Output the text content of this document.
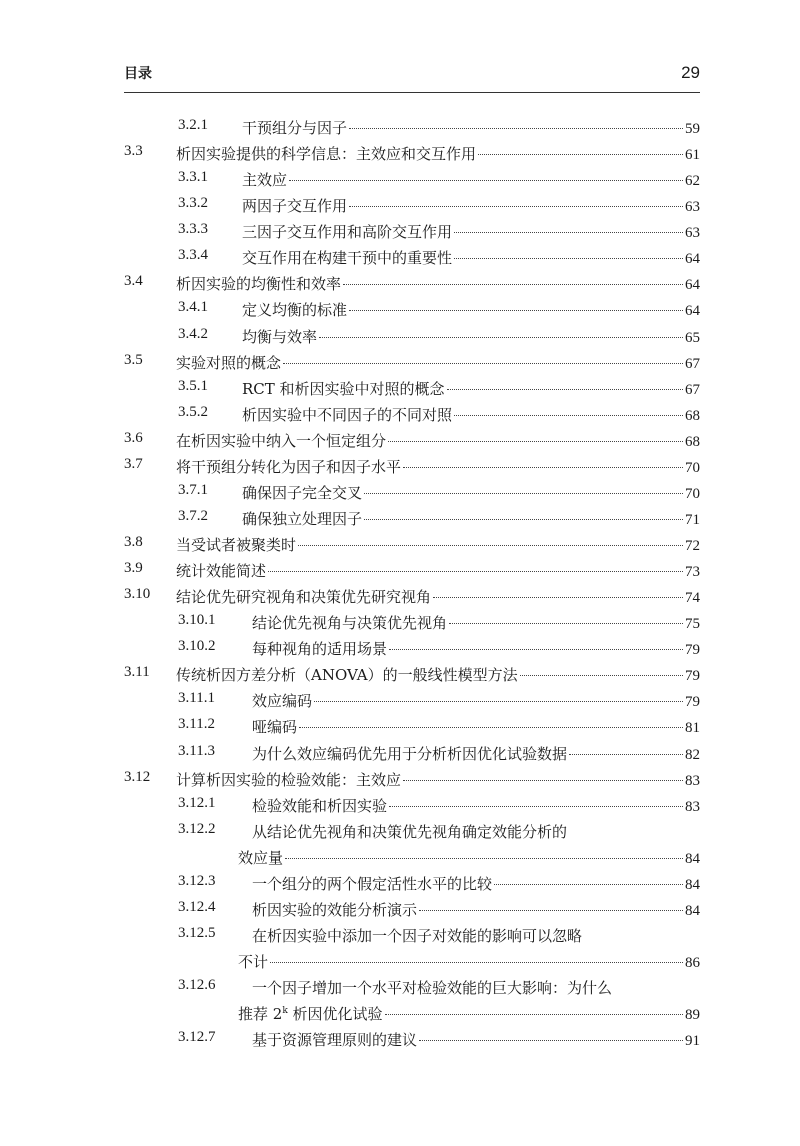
目录	29
3.2.1 干预组分与因子	59
3.3 析因实验提供的科学信息：主效应和交互作用	61
3.3.1 主效应	62
3.3.2 两因子交互作用	63
3.3.3 三因子交互作用和高阶交互作用	63
3.3.4 交互作用在构建干预中的重要性	64
3.4 析因实验的均衡性和效率	64
3.4.1 定义均衡的标准	64
3.4.2 均衡与效率	65
3.5 实验对照的概念	67
3.5.1 RCT 和析因实验中对照的概念	67
3.5.2 析因实验中不同因子的不同对照	68
3.6 在析因实验中纳入一个恒定组分	68
3.7 将干预组分转化为因子和因子水平	70
3.7.1 确保因子完全交叉	70
3.7.2 确保独立处理因子	71
3.8 当受试者被聚类时	72
3.9 统计效能简述	73
3.10 结论优先研究视角和决策优先研究视角	74
3.10.1 结论优先视角与决策优先视角	75
3.10.2 每种视角的适用场景	79
3.11 传统析因方差分析（ANOVA）的一般线性模型方法	79
3.11.1 效应编码	79
3.11.2 哑编码	81
3.11.3 为什么效应编码优先用于分析析因优化试验数据	82
3.12 计算析因实验的检验效能：主效应	83
3.12.1 检验效能和析因实验	83
3.12.2 从结论优先视角和决策优先视角确定效能分析的
效应量	84
3.12.3 一个组分的两个假定活性水平的比较	84
3.12.4 析因实验的效能分析演示	84
3.12.5 在析因实验中添加一个因子对效能的影响可以忽略
不计	86
3.12.6 一个因子增加一个水平对检验效能的巨大影响：为什么
推荐 2$^k$ 析因优化试验	89
3.12.7 基于资源管理原则的建议	91
